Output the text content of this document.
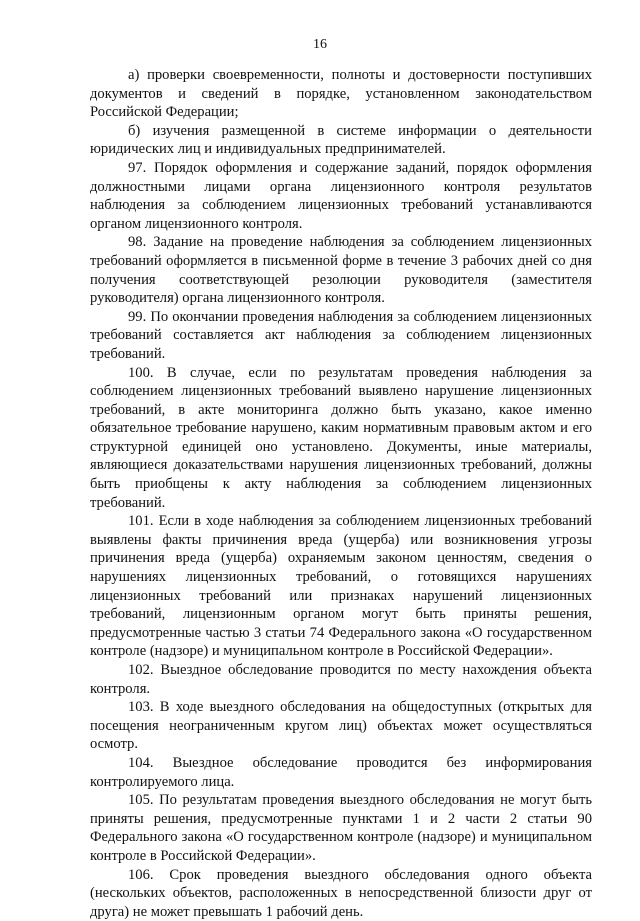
16

а) проверки своевременности, полноты и достоверности поступивших документов и сведений в порядке, установленном законодательством Российской Федерации;

б) изучения размещенной в системе информации о деятельности юридических лиц и индивидуальных предпринимателей.

97. Порядок оформления и содержание заданий, порядок оформления должностными лицами органа лицензионного контроля результатов наблюдения за соблюдением лицензионных требований устанавливаются органом лицензионного контроля.

98. Задание на проведение наблюдения за соблюдением лицензионных требований оформляется в письменной форме в течение 3 рабочих дней со дня получения соответствующей резолюции руководителя (заместителя руководителя) органа лицензионного контроля.

99. По окончании проведения наблюдения за соблюдением лицензионных требований составляется акт наблюдения за соблюдением лицензионных требований.

100. В случае, если по результатам проведения наблюдения за соблюдением лицензионных требований выявлено нарушение лицензионных требований, в акте мониторинга должно быть указано, какое именно обязательное требование нарушено, каким нормативным правовым актом и его структурной единицей оно установлено. Документы, иные материалы, являющиеся доказательствами нарушения лицензионных требований, должны быть приобщены к акту наблюдения за соблюдением лицензионных требований.

101. Если в ходе наблюдения за соблюдением лицензионных требований выявлены факты причинения вреда (ущерба) или возникновения угрозы причинения вреда (ущерба) охраняемым законом ценностям, сведения о нарушениях лицензионных требований, о готовящихся нарушениях лицензионных требований или признаках нарушений лицензионных требований, лицензионным органом могут быть приняты решения, предусмотренные частью 3 статьи 74 Федерального закона «О государственном контроле (надзоре) и муниципальном контроле в Российской Федерации».

102. Выездное обследование проводится по месту нахождения объекта контроля.

103. В ходе выездного обследования на общедоступных (открытых для посещения неограниченным кругом лиц) объектах может осуществляться осмотр.

104. Выездное обследование проводится без информирования контролируемого лица.

105. По результатам проведения выездного обследования не могут быть приняты решения, предусмотренные пунктами 1 и 2 части 2 статьи 90 Федерального закона «О государственном контроле (надзоре) и муниципальном контроле в Российской Федерации».

106. Срок проведения выездного обследования одного объекта (нескольких объектов, расположенных в непосредственной близости друг от друга) не может превышать 1 рабочий день.
